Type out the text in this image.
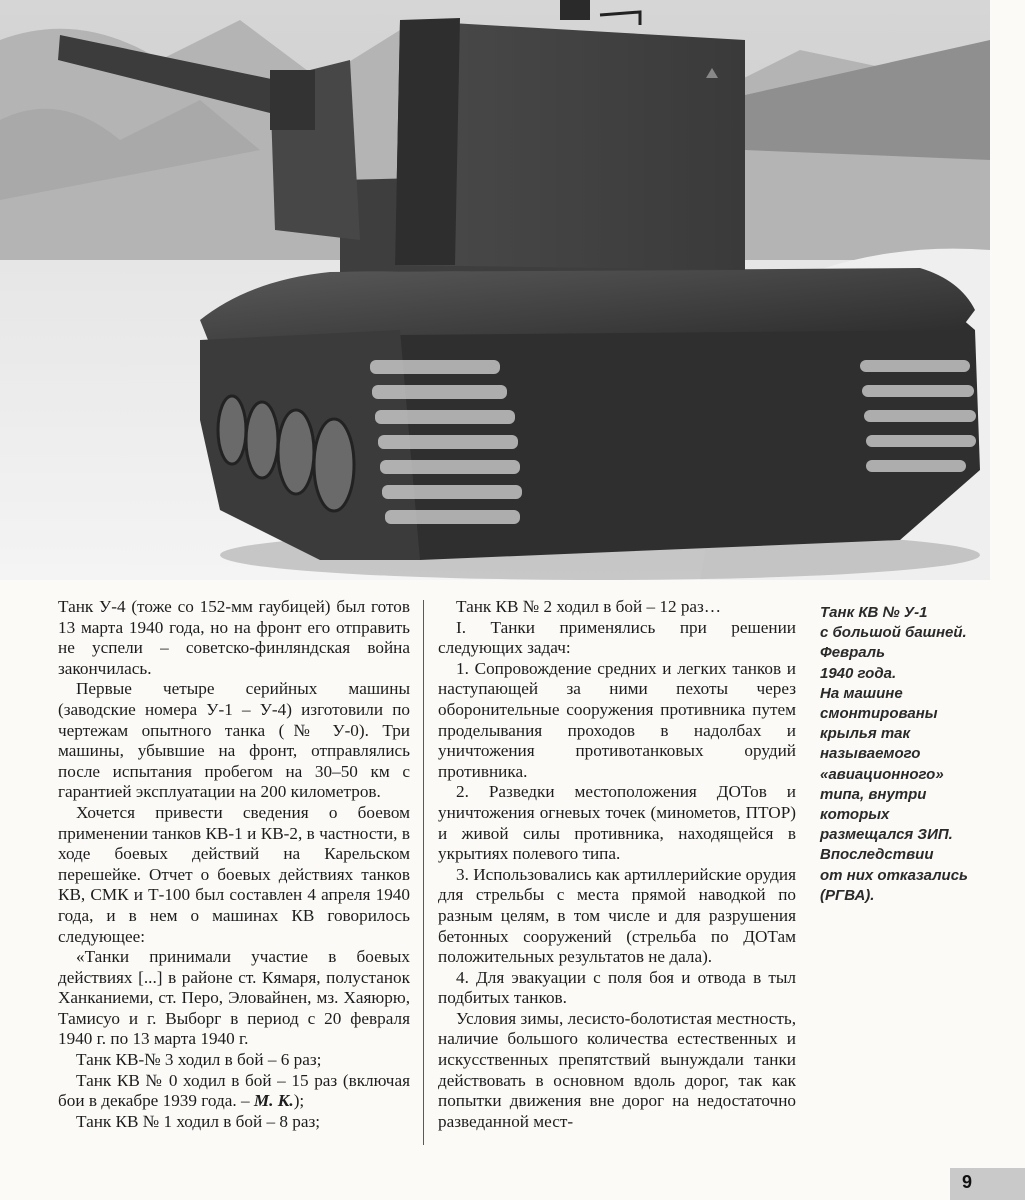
Танк У-4 (тоже со 152-мм гаубицей) был готов 13 марта 1940 года, но на фронт его отправить не успели – советско-финляндская война закончилась.

Первые четыре серийных машины (заводские номера У-1 – У-4) изготовили по чертежам опытного танка (№ У-0). Три машины, убывшие на фронт, отправлялись после испытания пробегом на 30–50 км с гарантией эксплуатации на 200 километров.

Хочется привести сведения о боевом применении танков КВ-1 и КВ-2, в частности, в ходе боевых действий на Карельском перешейке. Отчет о боевых действиях танков КВ, СМК и Т-100 был составлен 4 апреля 1940 года, и в нем о машинах КВ говорилось следующее:

«Танки принимали участие в боевых действиях [...] в районе ст. Кямаря, полустанок Ханканиеми, ст. Перо, Эловайнен, мз. Хаяюрю, Тамисуо и г. Выборг в период с 20 февраля 1940 г. по 13 марта 1940 г.

Танк КВ-№ 3 ходил в бой – 6 раз;

Танк КВ № 0 ходил в бой – 15 раз (включая бои в декабре 1939 года. – М. К.);

Танк КВ № 1 ходил в бой – 8 раз;

Танк КВ № 2 ходил в бой – 12 раз…

I. Танки применялись при решении следующих задач:

1. Сопровождение средних и легких танков и наступающей за ними пехоты через оборонительные сооружения противника путем проделывания проходов в надолбах и уничтожения противотанковых орудий противника.

2. Разведки местоположения ДОТов и уничтожения огневых точек (минометов, ПТОР) и живой силы противника, находящейся в укрытиях полевого типа.

3. Использовались как артиллерийские орудия для стрельбы с места прямой наводкой по разным целям, в том числе и для разрушения бетонных сооружений (стрельба по ДОТам положительных результатов не дала).

4. Для эвакуации с поля боя и отвода в тыл подбитых танков.

Условия зимы, лесисто-болотистая местность, наличие большого количества естественных и искусственных препятствий вынуждали танки действовать в основном вдоль дорог, так как попытки движения вне дорог на недостаточно разведанной мест-

Танк КВ № У-1
с большой башней.
Февраль
1940 года.
На машине
смонтированы
крылья так
называемого
«авиационного»
типа, внутри
которых
размещался ЗИП.
Впоследствии
от них отказались
(РГВА).
9
